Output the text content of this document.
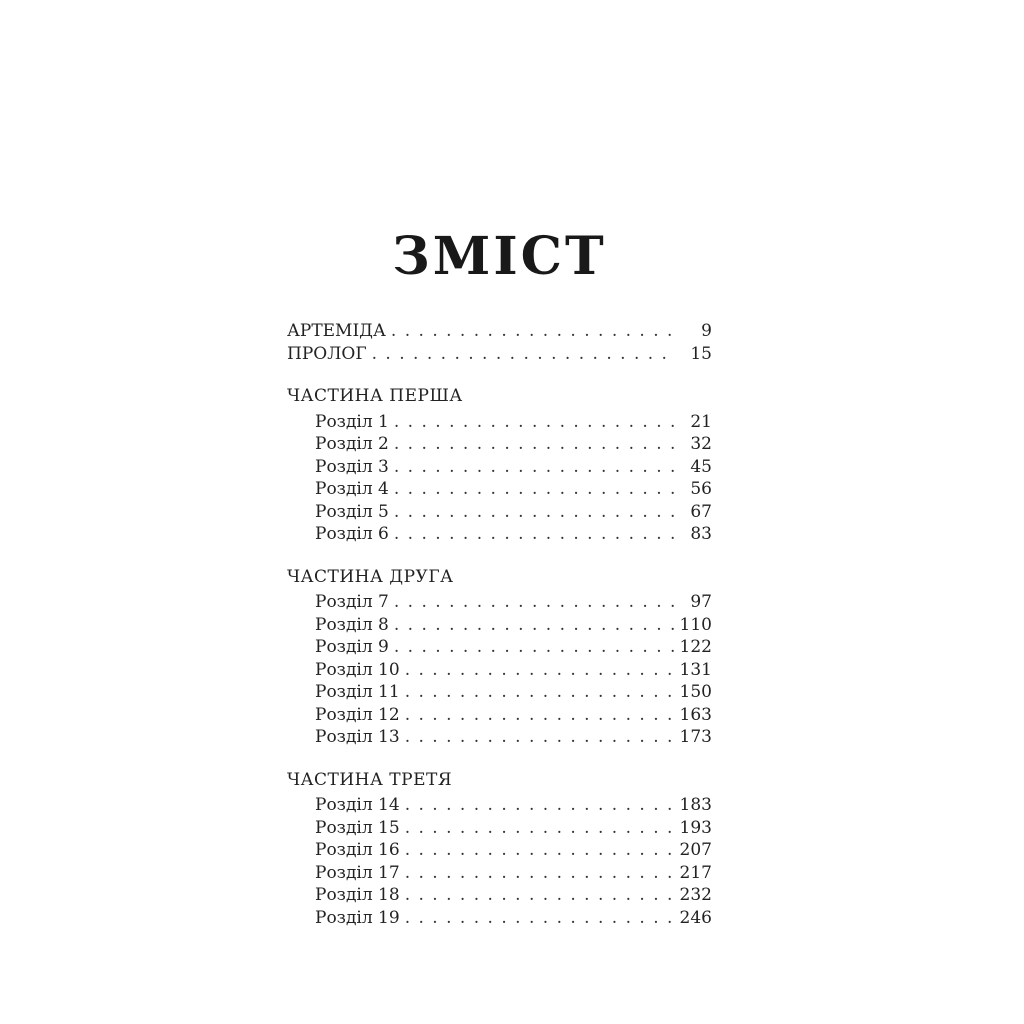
ЗМІСТ
АРТЕМІДА . . .	9
ПРОЛОГ . . .	15
ЧАСТИНА ПЕРША
Розділ 1 . . .	21
Розділ 2 . . .	32
Розділ 3 . . .	45
Розділ 4 . . .	56
Розділ 5 . . .	67
Розділ 6 . . .	83
ЧАСТИНА ДРУГА
Розділ 7 . . .	97
Розділ 8 . . .	110
Розділ 9 . . .	122
Розділ 10 . . .	131
Розділ 11 . . .	150
Розділ 12 . . .	163
Розділ 13 . . .	173
ЧАСТИНА ТРЕТЯ
Розділ 14 . . .	183
Розділ 15 . . .	193
Розділ 16 . . .	207
Розділ 17 . . .	217
Розділ 18 . . .	232
Розділ 19 . . .	246
